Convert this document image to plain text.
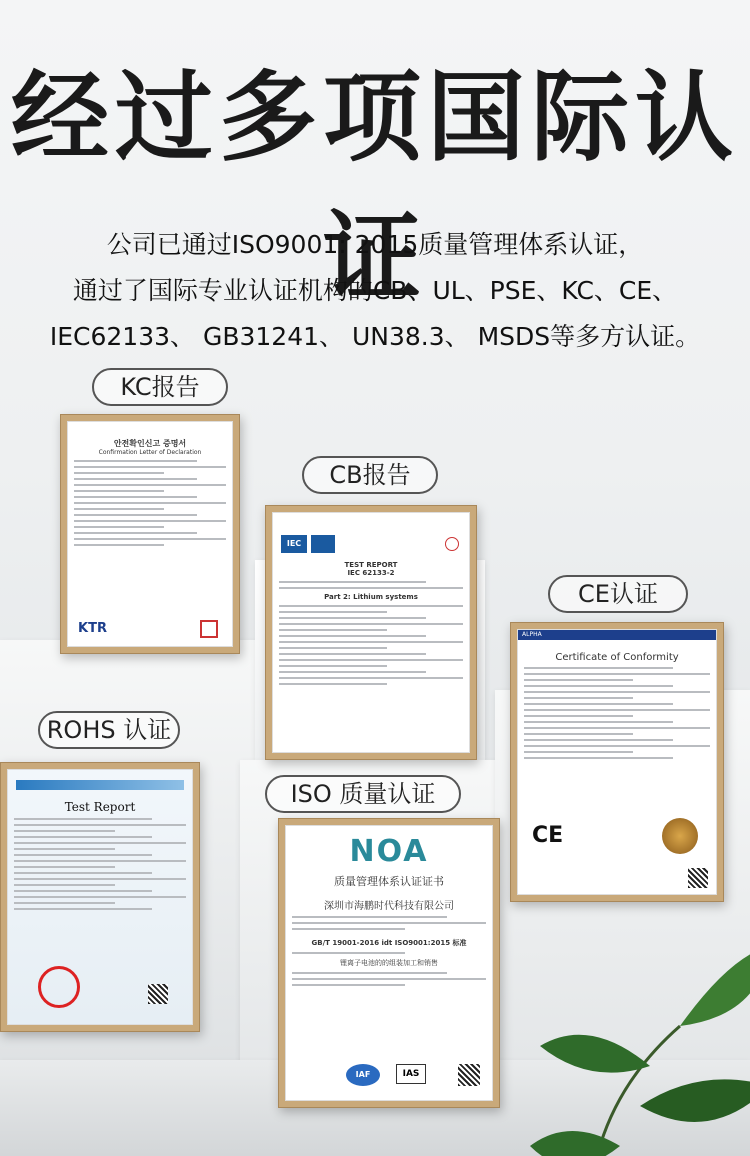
经过多项国际认证
公司已通过ISO9001: 2015质量管理体系认证，
通过了国际专业认证机构的CB、UL、PSE、KC、CE、
IEC62133、 GB31241、 UN38.3、 MSDS等多方认证。
KC报告
안전확인신고 증명서
Confirmation Letter of Declaration
KTR
CB报告
IEC
TEST REPORT
IEC 62133-2
Part 2: Lithium systems	CE认证
ALPHA
Certificate of Conformity
CE
ROHS 认证
Test Report	ISO 质量认证
NOA
质量管理体系认证证书
深圳市海鹏时代科技有限公司
GB/T 19001-2016 idt ISO9001:2015 标准
锂离子电池的的组装加工和销售
IAF	IAS
